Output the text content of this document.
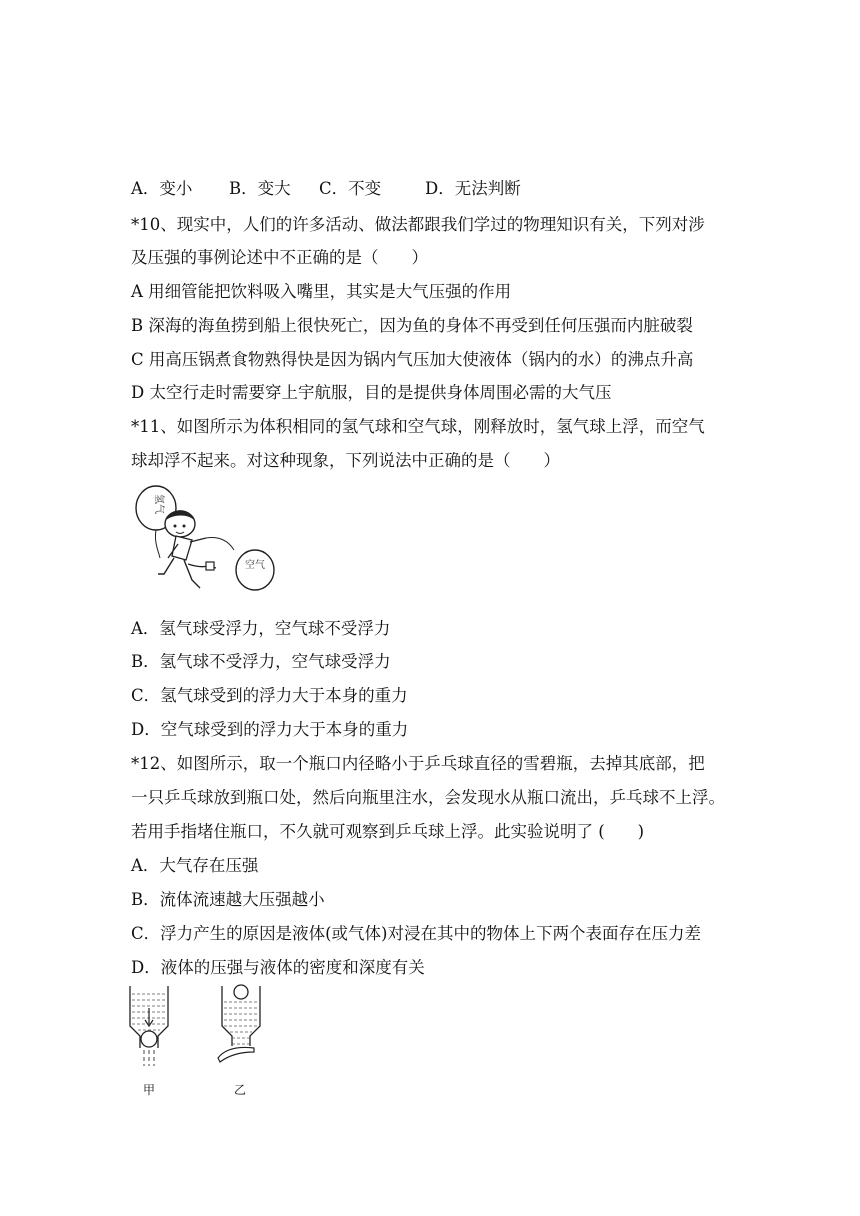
A．变小 B．变大 C．不变	D．无法判断
*10、现实中，人们的许多活动、做法都跟我们学过的物理知识有关，下列对涉
及压强的事例论述中不正确的是（　　）
A 用细管能把饮料吸入嘴里，其实是大气压强的作用
B 深海的海鱼捞到船上很快死亡，因为鱼的身体不再受到任何压强而内脏破裂
C 用高压锅煮食物熟得快是因为锅内气压加大使液体（锅内的水）的沸点升高
D 太空行走时需要穿上宇航服，目的是提供身体周围必需的大气压
*11、如图所示为体积相同的氢气球和空气球，刚释放时，氢气球上浮，而空气
球却浮不起来。对这种现象，下列说法中正确的是（　　）
氢气
空气
A．氢气球受浮力，空气球不受浮力
B．氢气球不受浮力，空气球受浮力
C．氢气球受到的浮力大于本身的重力
D．空气球受到的浮力大于本身的重力
*12、如图所示，取一个瓶口内径略小于乒乓球直径的雪碧瓶，去掉其底部，把
一只乒乓球放到瓶口处，然后向瓶里注水，会发现水从瓶口流出，乒乓球不上浮。
若用手指堵住瓶口，不久就可观察到乒乓球上浮。此实验说明了 (　　)
A．大气存在压强
B．流体流速越大压强越小
C．浮力产生的原因是液体(或气体)对浸在其中的物体上下两个表面存在压力差
D．液体的压强与液体的密度和深度有关
甲	乙
